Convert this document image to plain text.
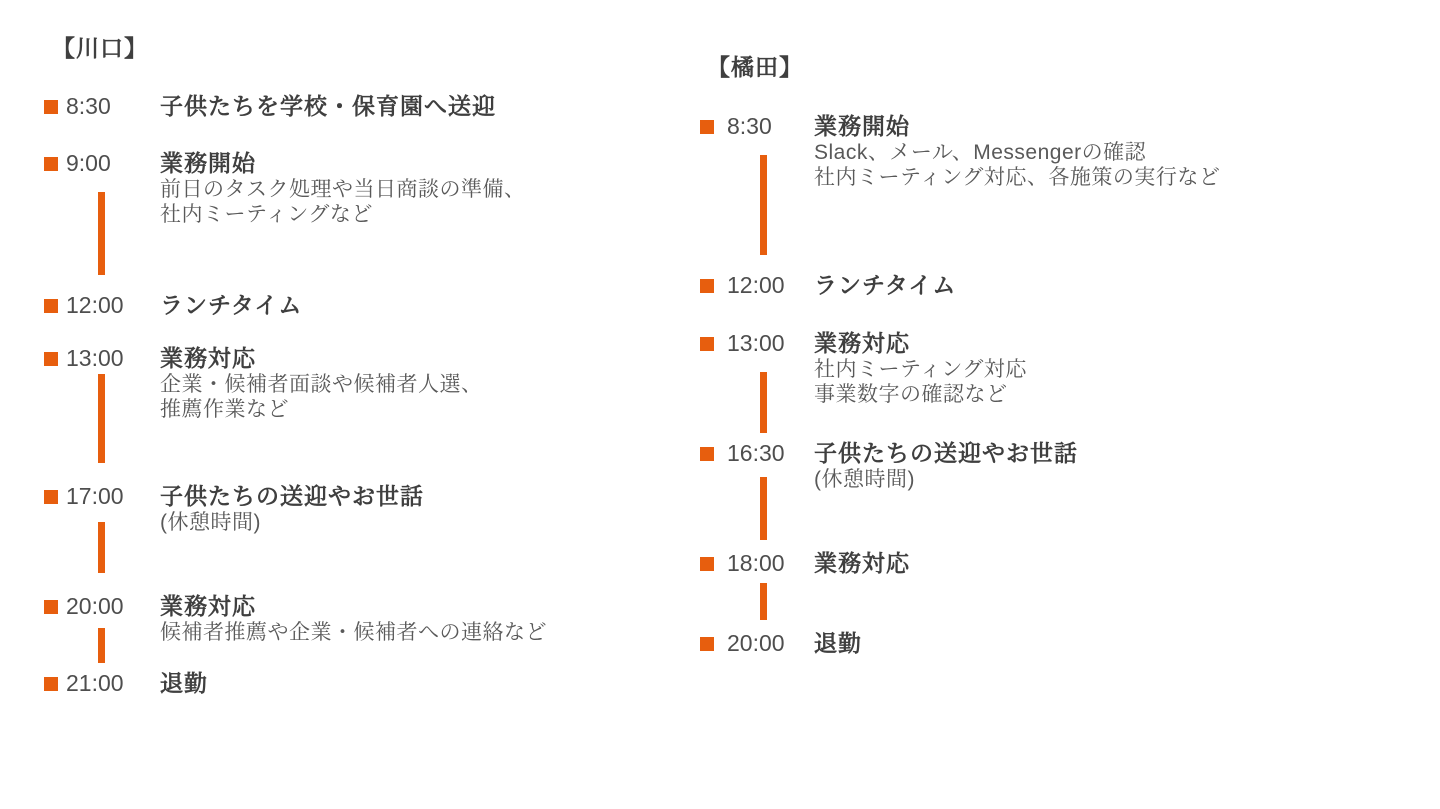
【川口】
8:30	子供たちを学校・保育園へ送迎
9:00	業務開始
前日のタスク処理や当日商談の準備、
社内ミーティングなど
12:00	ランチタイム
13:00	業務対応
企業・候補者面談や候補者人選、
推薦作業など
17:00	子供たちの送迎やお世話
(休憩時間)
20:00	業務対応
候補者推薦や企業・候補者への連絡など
21:00	退勤
【橘田】
8:30	業務開始
Slack、メール、Messengerの確認
社内ミーティング対応、各施策の実行など
12:00	ランチタイム
13:00	業務対応
社内ミーティング対応
事業数字の確認など
16:30	子供たちの送迎やお世話
(休憩時間)
18:00	業務対応
20:00	退勤
